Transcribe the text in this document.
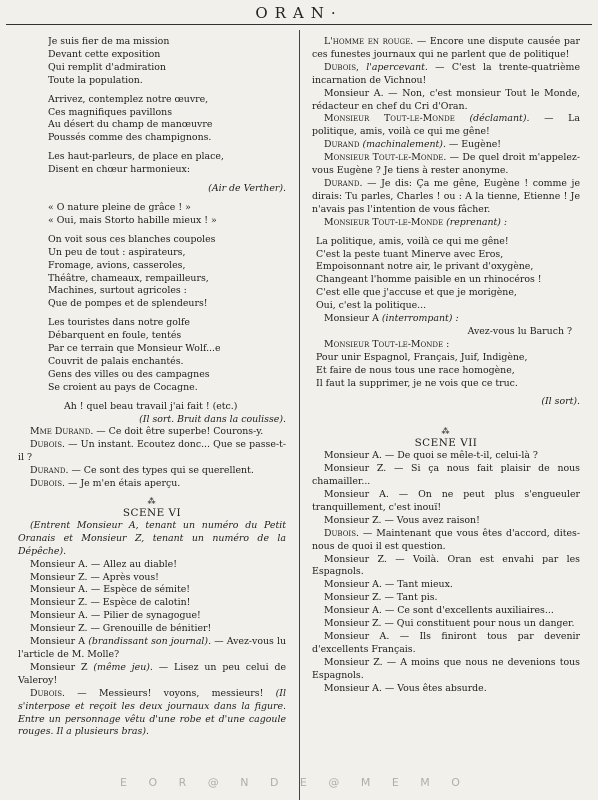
ORAN·
Je suis fier de ma mission
Devant cette exposition
Qui remplit d'admiration
Toute la population.
Arrivez, contemplez notre œuvre,
Ces magnifiques pavillons
Au désert du champ de manœuvre
Poussés comme des champignons.
Les haut-parleurs, de place en place,
Disent en chœur harmonieux:
(Air de Verther).
« O nature pleine de grâce ! »
« Oui, mais Storto habille mieux ! »
On voit sous ces blanches coupoles
Un peu de tout : aspirateurs,
Fromage, avions, casseroles,
Théâtre, chameaux, rempailleurs,
Machines, surtout agricoles :
Que de pompes et de splendeurs!
Les touristes dans notre golfe
Débarquent en foule, tentés
Par ce terrain que Monsieur Wolf...e
Couvrit de palais enchantés.
Gens des villes ou des campagnes
Se croient au pays de Cocagne.
Ah ! quel beau travail j'ai fait ! (etc.)
(Il sort. Bruit dans la coulisse).
Mme Durand. — Ce doit être superbe! Courons-y.
Dubois. — Un instant. Ecoutez donc... Que se passe-t-il ?
Durand. — Ce sont des types qui se querellent.
Dubois. — Je m'en étais aperçu.
⁂
SCENE VI
(Entrent Monsieur A, tenant un numéro du Petit Oranais et Monsieur Z, tenant un numéro de la Dépêche).
Monsieur A. — Allez au diable!
Monsieur Z. — Après vous!
Monsieur A. — Espèce de sémite!
Monsieur Z. — Espèce de calotin!
Monsieur A. — Pilier de synagogue!
Monsieur Z. — Grenouille de bénitier!
Monsieur A (brandissant son journal). — Avez-vous lu l'article de M. Molle?
Monsieur Z (même jeu). — Lisez un peu celui de Valeroy!
Dubois. — Messieurs! voyons, messieurs! (Il s'interpose et reçoit les deux journaux dans la figure. Entre un personnage vêtu d'une robe et d'une cagoule rouges. Il a plusieurs bras).
L'homme en rouge. — Encore une dispute causée par ces funestes journaux qui ne parlent que de politique!
Dubois, l'apercevant. — C'est la trente-quatrième incarnation de Vichnou!
Monsieur A. — Non, c'est monsieur Tout le Monde, rédacteur en chef du Cri d'Oran.
Monsieur Tout-le-Monde (déclamant). — La politique, amis, voilà ce qui me gêne!
Durand (machinalement). — Eugène!
Monsieur Tout-le-Monde. — De quel droit m'appelez-vous Eugène ? Je tiens à rester anonyme.
Durand. — Je dis: Ça me gêne, Eugène ! comme je dirais: Tu parles, Charles ! ou : A la tienne, Etienne ! Je n'avais pas l'intention de vous fâcher.
Monsieur Tout-le-Monde (reprenant) :
La politique, amis, voilà ce qui me gêne!
C'est la peste tuant Minerve avec Eros,
Empoisonnant notre air, le privant d'oxygène,
Changeant l'homme paisible en un rhinocéros !
C'est elle que j'accuse et que je morigène,
Oui, c'est la politique...
Monsieur A (interrompant) :
Avez-vous lu Baruch ?
Monsieur Tout-le-Monde :
Pour unir Espagnol, Français, Juif, Indigène,
Et faire de nous tous une race homogène,
Il faut la supprimer, je ne vois que ce truc.
(Il sort).
⁂
SCENE VII
Monsieur A. — De quoi se mêle-t-il, celui-là ?
Monsieur Z. — Si ça nous fait plaisir de nous chamailler...
Monsieur A. — On ne peut plus s'engueuler tranquillement, c'est inouï!
Monsieur Z. — Vous avez raison!
Dubois. — Maintenant que vous êtes d'accord, dites-nous de quoi il est question.
Monsieur Z. — Voilà. Oran est envahi par les Espagnols.
Monsieur A. — Tant mieux.
Monsieur Z. — Tant pis.
Monsieur A. — Ce sont d'excellents auxiliaires...
Monsieur Z. — Qui constituent pour nous un danger.
Monsieur A. — Ils finiront tous par devenir d'excellents Français.
Monsieur Z. — A moins que nous ne devenions tous Espagnols.
Monsieur A. — Vous êtes absurde.
E O R @ N D E @ M E M O
